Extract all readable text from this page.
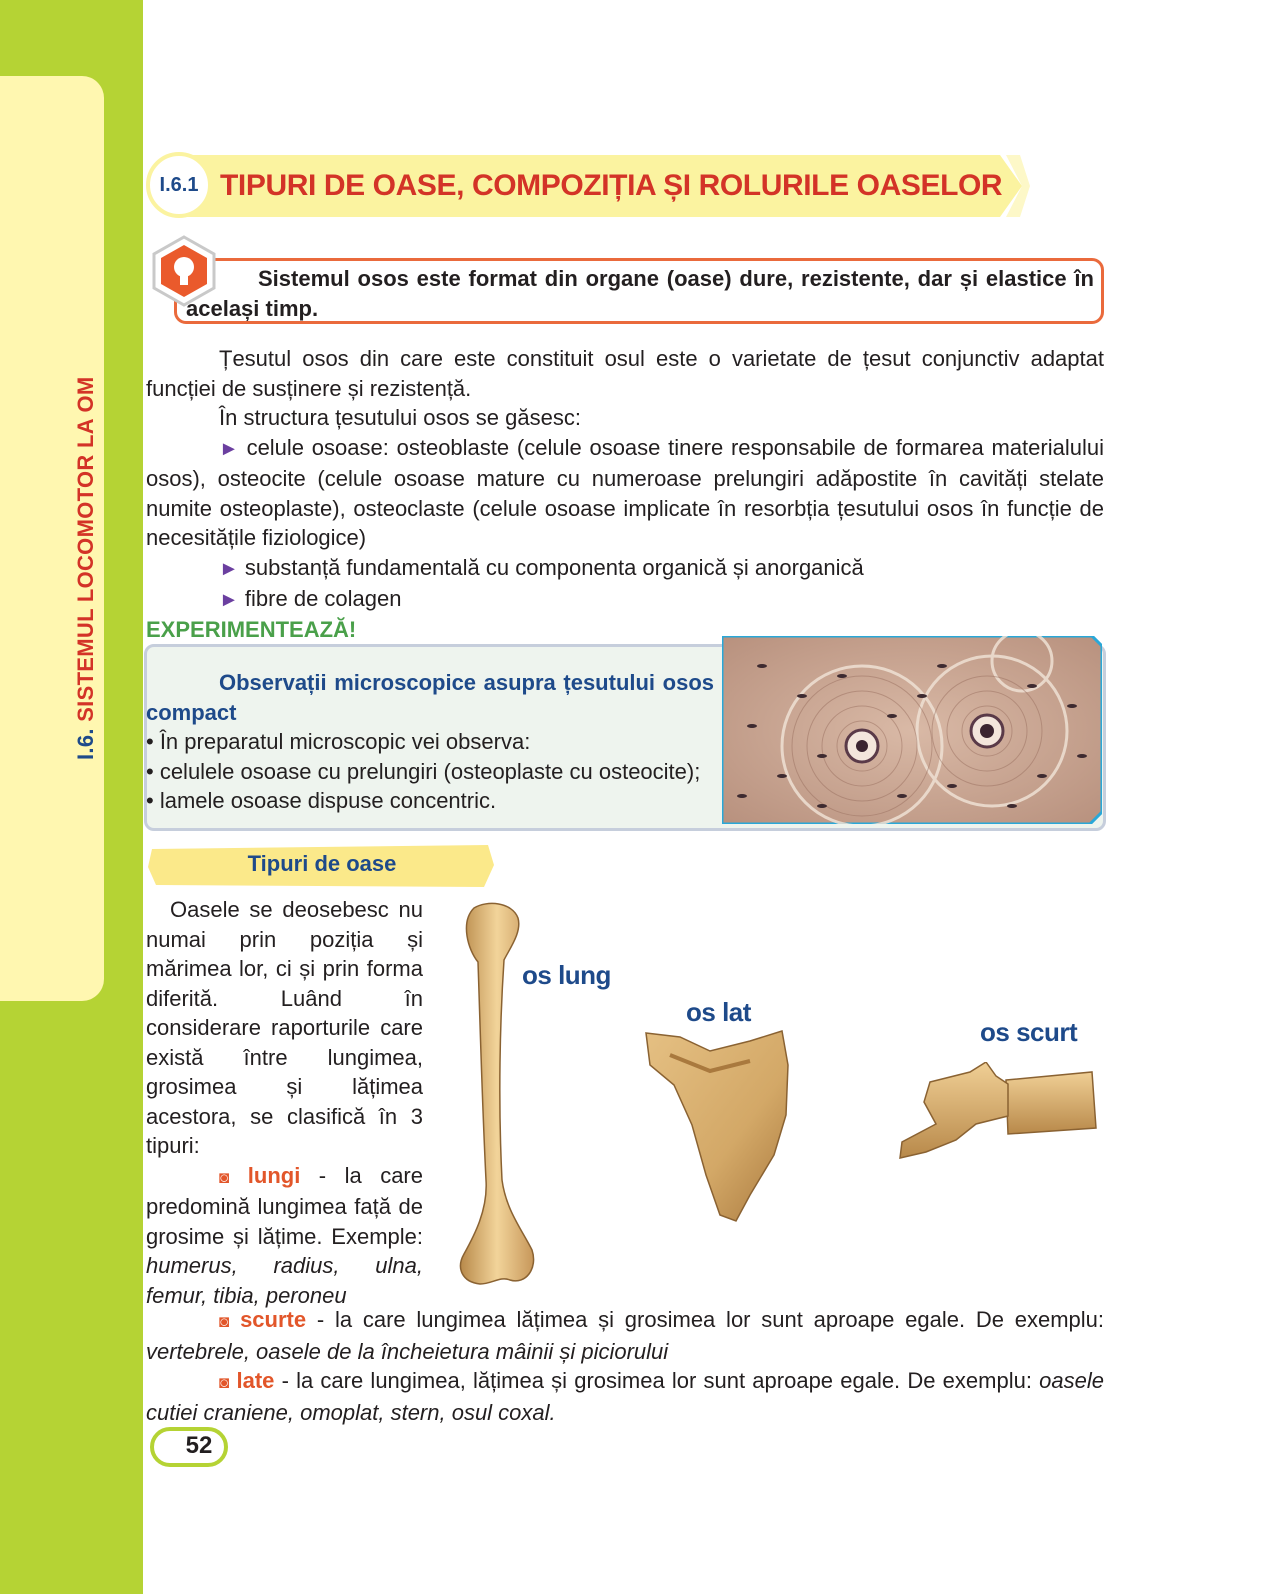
I.6. SISTEMUL LOCOMOTOR LA OM
I.6.1 TIPURI DE OASE, COMPOZIȚIA ȘI ROLURILE OASELOR
Sistemul osos este format din organe (oase) dure, rezistente, dar și elastice în același timp.

Țesutul osos din care este constituit osul este o varietate de țesut conjunctiv adaptat funcției de susținere și rezistență.

În structura țesutului osos se găsesc:

► celule osoase: osteoblaste (celule osoase tinere responsabile de formarea materialului osos), osteocite (celule osoase mature cu numeroase prelungiri adăpostite în cavități stelate numite osteoplaste), osteoclaste (celule osoase implicate în resorbția țesutului osos în funcție de necesitățile fiziologice)

► substanță fundamentală cu componenta organică și anorganică

► fibre de colagen

EXPERIMENTEAZĂ!

Observații microscopice asupra țesutului osos compact

• În preparatul microscopic vei observa:

• celulele osoase cu prelungiri (osteoplaste cu osteocite);

• lamele osoase dispuse concentric.

Tipuri de oase

Oasele se deosebesc nu numai prin poziția și mărimea lor, ci și prin forma diferită. Luând în considerare raporturile care există între lungimea, grosimea și lățimea acestora, se clasifică în 3 tipuri:

◙ lungi - la care predomină lungimea față de grosime și lățime. Exemple: humerus, radius, ulna, femur, tibia, peroneu

◙ scurte - la care lungimea lățimea și grosimea lor sunt aproape egale. De exemplu: vertebrele, oasele de la încheietura mâinii și piciorului

◙ late - la care lungimea, lățimea și grosimea lor sunt aproape egale. De exemplu: oasele cutiei craniene, omoplat, stern, osul coxal.

os lung
os lat
os scurt
52
